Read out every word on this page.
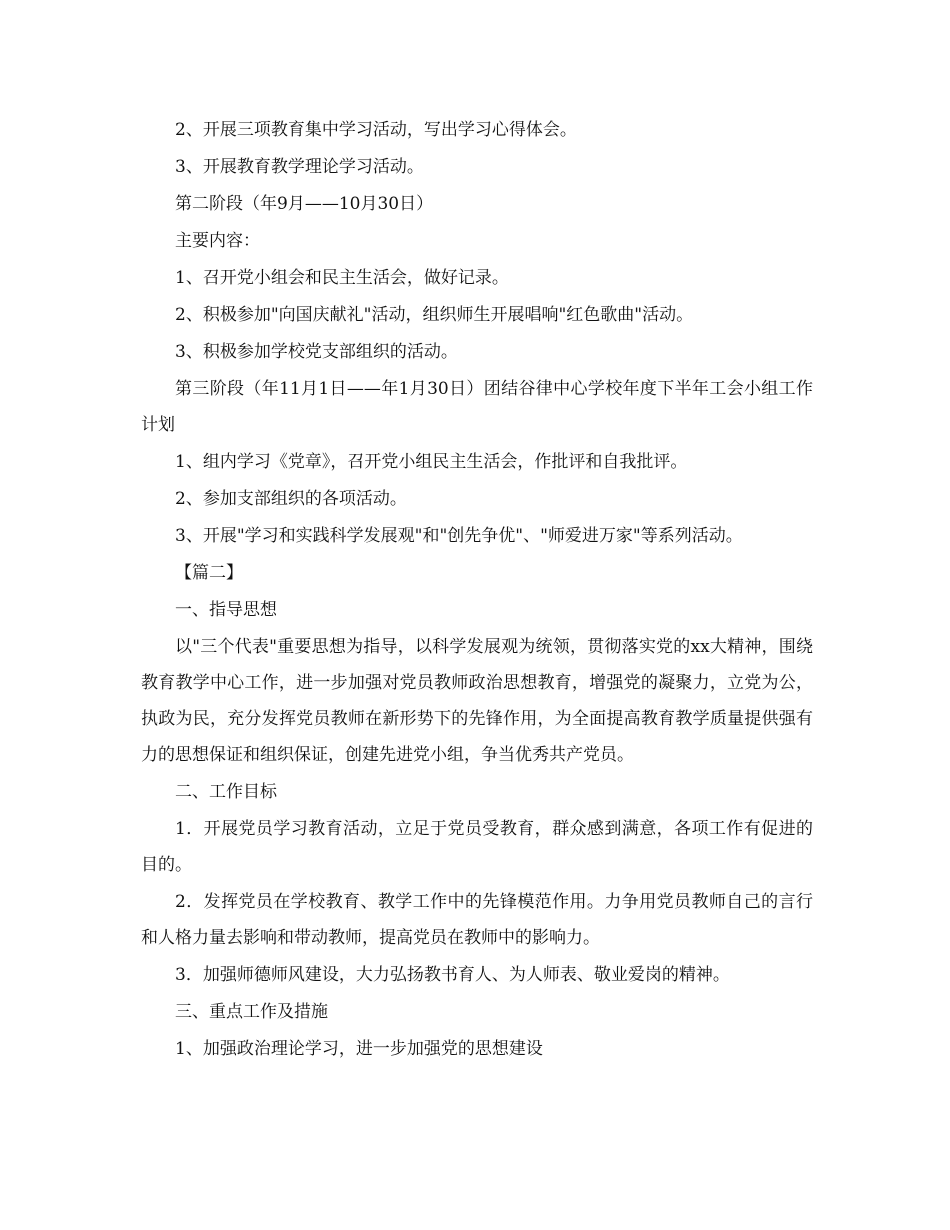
2、开展三项教育集中学习活动，写出学习心得体会。

3、开展教育教学理论学习活动。

第二阶段（年9月——10月30日）

主要内容：

1、召开党小组会和民主生活会，做好记录。

2、积极参加"向国庆献礼"活动，组织师生开展唱响"红色歌曲"活动。

3、积极参加学校党支部组织的活动。

第三阶段（年11月1日——年1月30日）团结谷律中心学校年度下半年工会小组工作计划

1、组内学习《党章》，召开党小组民主生活会，作批评和自我批评。

2、参加支部组织的各项活动。

3、开展"学习和实践科学发展观"和"创先争优"、"师爱进万家"等系列活动。

【篇二】

一、指导思想

以"三个代表"重要思想为指导，以科学发展观为统领，贯彻落实党的xx大精神，围绕教育教学中心工作，进一步加强对党员教师政治思想教育，增强党的凝聚力，立党为公，执政为民，充分发挥党员教师在新形势下的先锋作用，为全面提高教育教学质量提供强有力的思想保证和组织保证，创建先进党小组，争当优秀共产党员。

二、工作目标

1．开展党员学习教育活动，立足于党员受教育，群众感到满意，各项工作有促进的目的。

2．发挥党员在学校教育、教学工作中的先锋模范作用。力争用党员教师自己的言行和人格力量去影响和带动教师，提高党员在教师中的影响力。

3．加强师德师风建设，大力弘扬教书育人、为人师表、敬业爱岗的精神。

三、重点工作及措施

1、加强政治理论学习，进一步加强党的思想建设
